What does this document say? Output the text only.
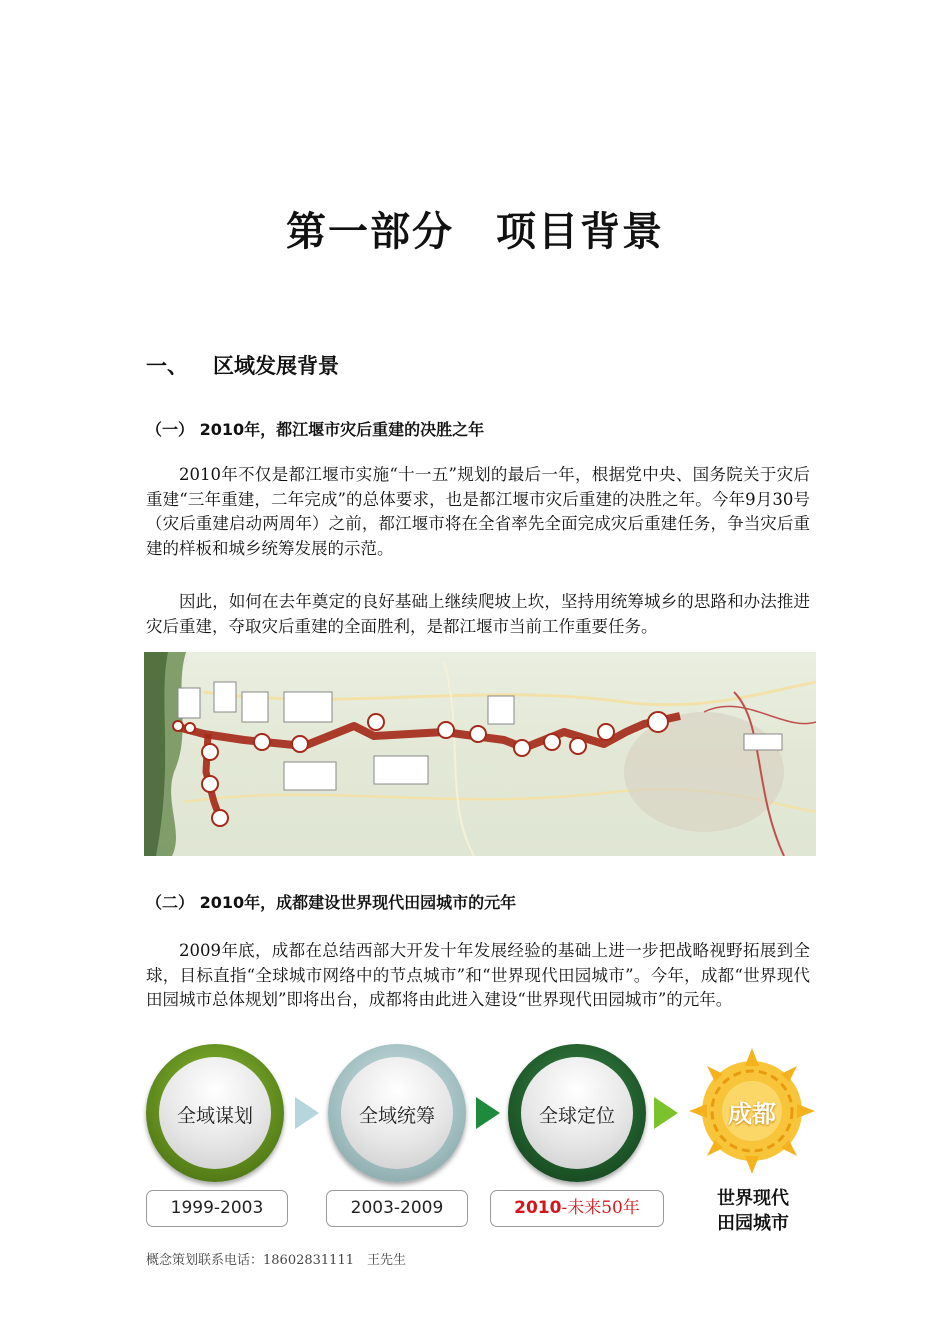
第一部分　项目背景
一、 区域发展背景
（一） 2010年，都江堰市灾后重建的决胜之年
2010年不仅是都江堰市实施“十一五”规划的最后一年，根据党中央、国务院关于灾后重建“三年重建，二年完成”的总体要求，也是都江堰市灾后重建的决胜之年。今年9月30号（灾后重建启动两周年）之前，都江堰市将在全省率先全面完成灾后重建任务，争当灾后重建的样板和城乡统筹发展的示范。
因此，如何在去年奠定的良好基础上继续爬坡上坎，坚持用统筹城乡的思路和办法推进灾后重建，夺取灾后重建的全面胜利，是都江堰市当前工作重要任务。
（二） 2010年，成都建设世界现代田园城市的元年
2009年底，成都在总结西部大开发十年发展经验的基础上进一步把战略视野拓展到全球，目标直指“全球城市网络中的节点城市”和“世界现代田园城市”。今年，成都“世界现代田园城市总体规划”即将出台，成都将由此进入建设“世界现代田园城市”的元年。
全域谋划	全域统筹	全球定位	成都
1999-2003	2003-2009	2010-未来50年	世界现代
田园城市
概念策划联系电话：18602831111　王先生
